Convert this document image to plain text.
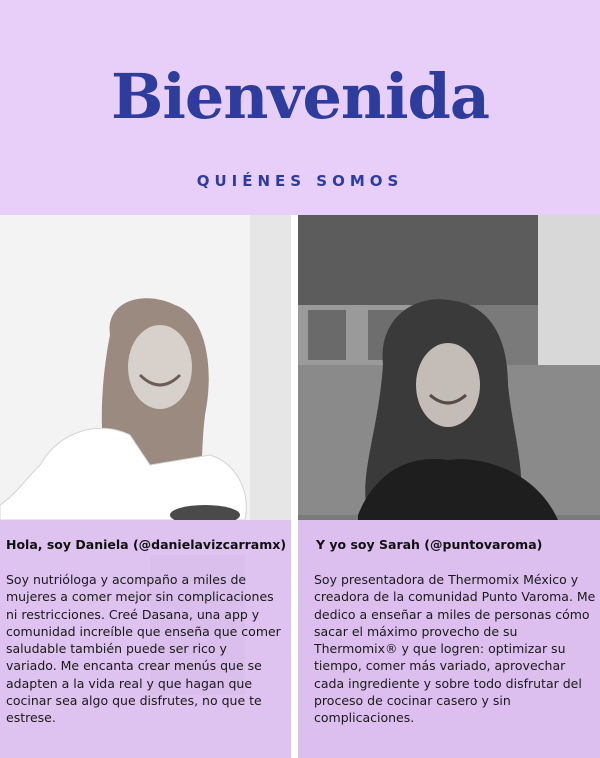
Bienvenida
QUIÉNES SOMOS
Hola, soy Daniela (@danielavizcarramx)
Soy nutrióloga y acompaño a miles de mujeres a comer mejor sin complicaciones ni restricciones. Creé Dasana, una app y comunidad increíble que enseña que comer saludable también puede ser rico y variado. Me encanta crear menús que se adapten a la vida real y que hagan que cocinar sea algo que disfrutes, no que te estrese.
Y yo soy Sarah (@puntovaroma)
Soy presentadora de Thermomix México y creadora de la comunidad Punto Varoma. Me dedico a enseñar a miles de personas cómo sacar el máximo provecho de su Thermomix® y que logren: optimizar su tiempo, comer más variado, aprovechar cada ingrediente y sobre todo disfrutar del proceso de cocinar casero y sin complicaciones.
